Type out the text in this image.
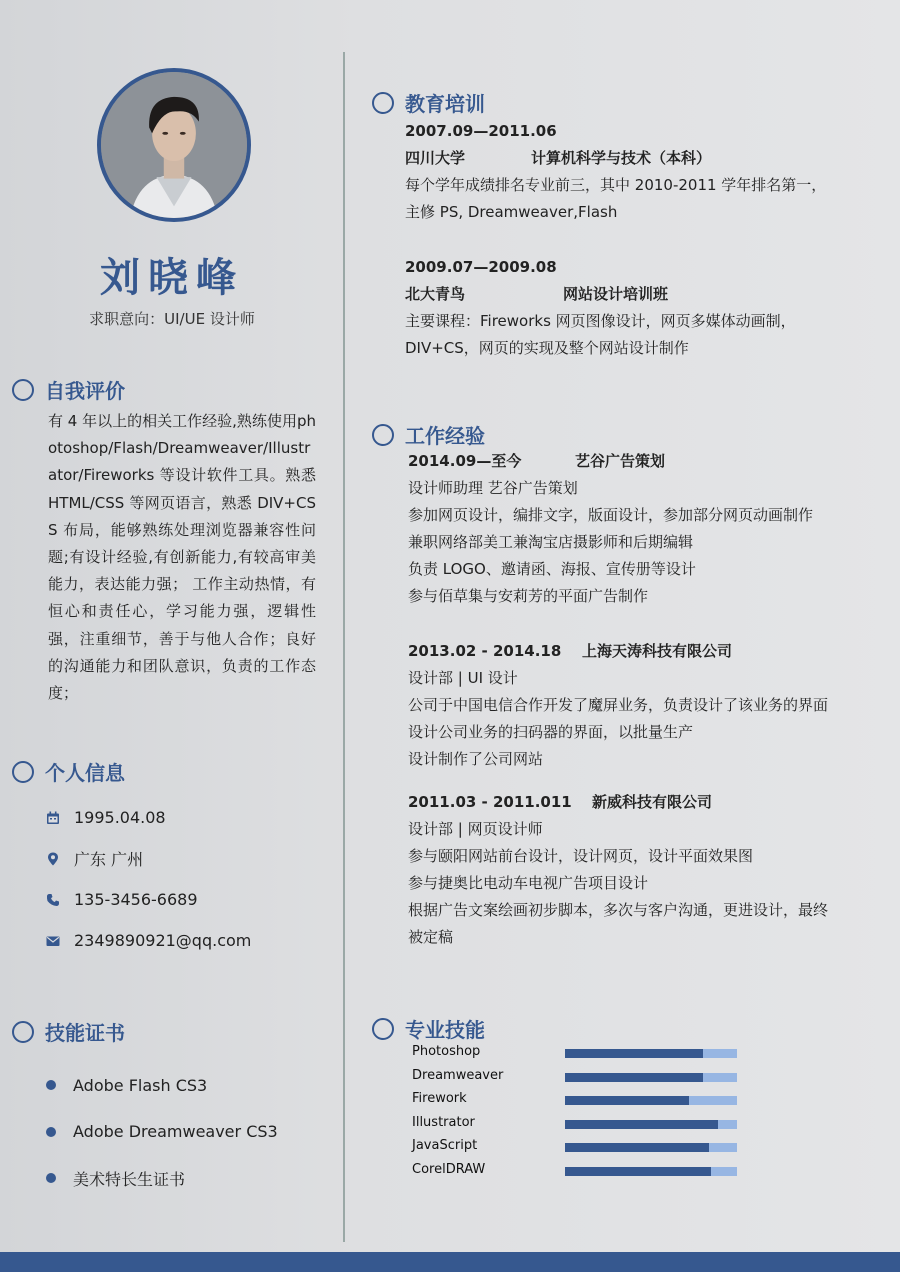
刘晓峰
求职意向：UI/UE 设计师
自我评价
有 4 年以上的相关工作经验,熟练使用photoshop/Flash/Dreamweaver/Illustrator/Fireworks 等设计软件工具。熟悉 HTML/CSS 等网页语言，熟悉 DIV+CSS 布局，能够熟练处理浏览器兼容性问题;有设计经验,有创新能力,有较高审美能力，表达能力强； 工作主动热情，有恒心和责任心，学习能力强，逻辑性强，注重细节，善于与他人合作；良好的沟通能力和团队意识，负责的工作态度；
个人信息
1995.04.08
广东 广州
135-3456-6689
2349890921@qq.com
技能证书
Adobe Flash CS3
Adobe Dreamweaver CS3
美术特长生证书
教育培训
2007.09—2011.06
四川大学	计算机科学与技术（本科）
每个学年成绩排名专业前三，其中 2010-2011 学年排名第一，
主修 PS, Dreamweaver,Flash
2009.07—2009.08
北大青鸟	网站设计培训班
主要课程：Fireworks 网页图像设计，网页多媒体动画制，
DIV+CS，网页的实现及整个网站设计制作
工作经验
2014.09—至今	艺谷广告策划
设计师助理 艺谷广告策划
参加网页设计，编排文字，版面设计，参加部分网页动画制作
兼职网络部美工兼淘宝店摄影师和后期编辑
负责 LOGO、邀请函、海报、宣传册等设计
参与佰草集与安莉芳的平面广告制作
2013.02 - 2014.18	上海天涛科技有限公司
设计部 | UI 设计
公司于中国电信合作开发了魔屏业务，负责设计了该业务的界面
设计公司业务的扫码器的界面，以批量生产
设计制作了公司网站
2011.03 - 2011.011	新威科技有限公司
设计部 | 网页设计师
参与颐阳网站前台设计，设计网页，设计平面效果图
参与捷奥比电动车电视广告项目设计
根据广告文案绘画初步脚本，多次与客户沟通，更进设计，最终
被定稿
专业技能
Photoshop
Dreamweaver
Firework
Illustrator
JavaScript
CorelDRAW
